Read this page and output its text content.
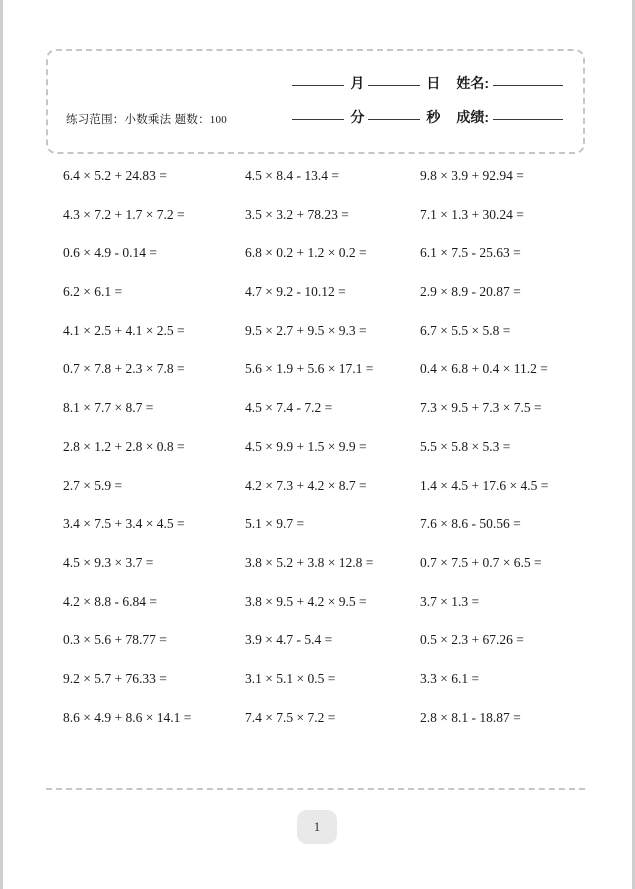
月	日 姓名:
分	秒 成绩:
练习范围：小数乘法 题数：100
6.4 × 5.2 + 24.83 =	4.5 × 8.4 - 13.4 =	9.8 × 3.9 + 92.94 =
4.3 × 7.2 + 1.7 × 7.2 =	3.5 × 3.2 + 78.23 =	7.1 × 1.3 + 30.24 =
0.6 × 4.9 - 0.14 =	6.8 × 0.2 + 1.2 × 0.2 =	6.1 × 7.5 - 25.63 =
6.2 × 6.1 =	4.7 × 9.2 - 10.12 =	2.9 × 8.9 - 20.87 =
4.1 × 2.5 + 4.1 × 2.5 =	9.5 × 2.7 + 9.5 × 9.3 =	6.7 × 5.5 × 5.8 =
0.7 × 7.8 + 2.3 × 7.8 =	5.6 × 1.9 + 5.6 × 17.1 =	0.4 × 6.8 + 0.4 × 11.2 =
8.1 × 7.7 × 8.7 =	4.5 × 7.4 - 7.2 =	7.3 × 9.5 + 7.3 × 7.5 =
2.8 × 1.2 + 2.8 × 0.8 =	4.5 × 9.9 + 1.5 × 9.9 =	5.5 × 5.8 × 5.3 =
2.7 × 5.9 =	4.2 × 7.3 + 4.2 × 8.7 =	1.4 × 4.5 + 17.6 × 4.5 =
3.4 × 7.5 + 3.4 × 4.5 =	5.1 × 9.7 =	7.6 × 8.6 - 50.56 =
4.5 × 9.3 × 3.7 =	3.8 × 5.2 + 3.8 × 12.8 =	0.7 × 7.5 + 0.7 × 6.5 =
4.2 × 8.8 - 6.84 =	3.8 × 9.5 + 4.2 × 9.5 =	3.7 × 1.3 =
0.3 × 5.6 + 78.77 =	3.9 × 4.7 - 5.4 =	0.5 × 2.3 + 67.26 =
9.2 × 5.7 + 76.33 =	3.1 × 5.1 × 0.5 =	3.3 × 6.1 =
8.6 × 4.9 + 8.6 × 14.1 =	7.4 × 7.5 × 7.2 =	2.8 × 8.1 - 18.87 =
1
